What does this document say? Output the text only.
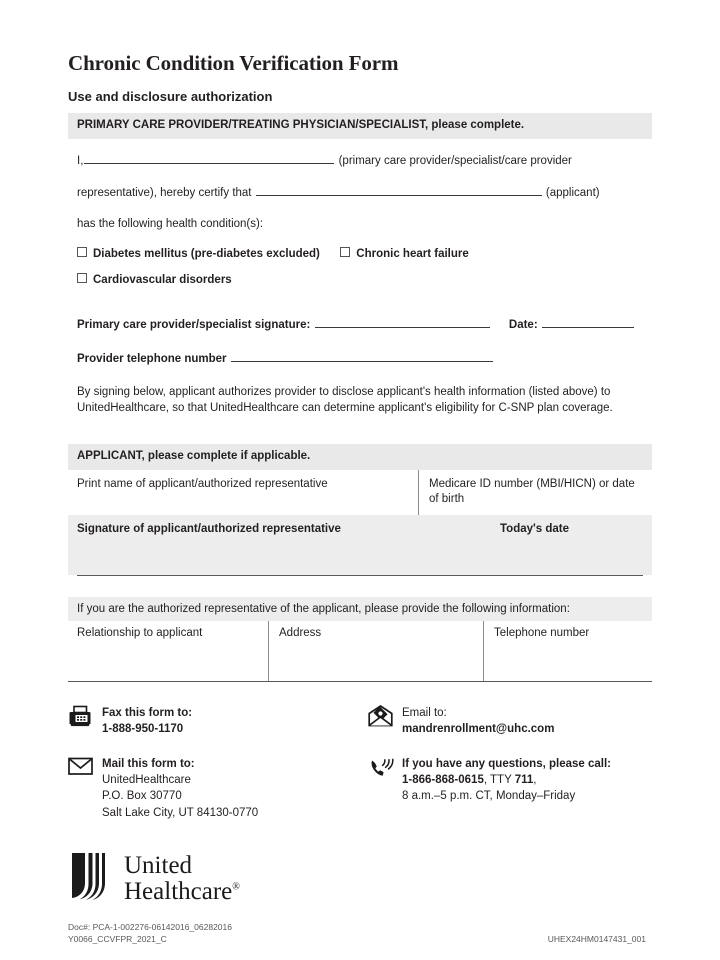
Chronic Condition Verification Form
Use and disclosure authorization
PRIMARY CARE PROVIDER/TREATING PHYSICIAN/SPECIALIST, please complete.
I,	(primary care provider/specialist/care provider
representative), hereby certify that	(applicant)
has the following health condition(s):
Diabetes mellitus (pre-diabetes excluded)	Chronic heart failure
Cardiovascular disorders
Primary care provider/specialist signature:	Date:
Provider telephone number

By signing below, applicant authorizes provider to disclose applicant's health information (listed above) to UnitedHealthcare, so that UnitedHealthcare can determine applicant's eligibility for C-SNP plan coverage.

APPLICANT, please complete if applicable.
Print name of applicant/authorized representative	Medicare ID number (MBI/HICN) or date of birth
Signature of applicant/authorized representative	Today's date
If you are the authorized representative of the applicant, please provide the following information:
Relationship to applicant	Address	Telephone number
Fax this form to:
1-888-950-1170
Mail this form to:
UnitedHealthcare
P.O. Box 30770
Salt Lake City, UT 84130-0770
Email to:
mandrenrollment@uhc.com
If you have any questions, please call:
1-866-868-0615, TTY 711,
8 a.m.–5 p.m. CT, Monday–Friday
United
Healthcare®
Doc#: PCA-1-002276-06142016_06282016
Y0066_CCVFPR_2021_C	UHEX24HM0147431_001
